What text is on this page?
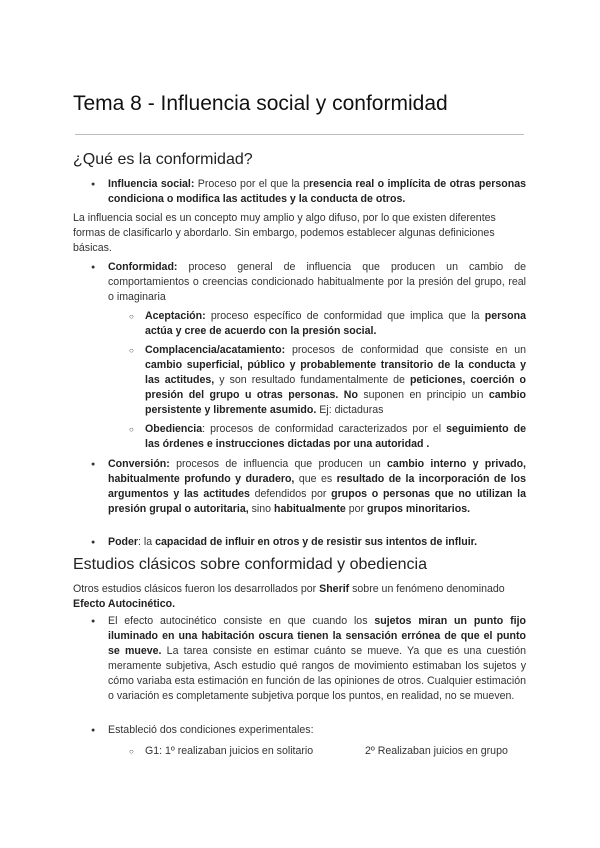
Tema 8 - Influencia social y conformidad
¿Qué es la conformidad?
● Influencia social: Proceso por el que la presencia real o implícita de otras personas condiciona o modifica las actitudes y la conducta de otros.
La influencia social es un concepto muy amplio y algo difuso, por lo que existen diferentes formas de clasificarlo y abordarlo. Sin embargo, podemos establecer algunas definiciones básicas.
● Conformidad: proceso general de influencia que producen un cambio de comportamientos o creencias condicionado habitualmente por la presión del grupo, real o imaginaria
○ Aceptación: proceso específico de conformidad que implica que la persona actúa y cree de acuerdo con la presión social.
○ Complacencia/acatamiento: procesos de conformidad que consiste en un cambio superficial, público y probablemente transitorio de la conducta y las actitudes, y son resultado fundamentalmente de peticiones, coerción o presión del grupo u otras personas. No suponen en principio un cambio persistente y libremente asumido. Ej: dictaduras
○ Obediencia: procesos de conformidad caracterizados por el seguimiento de las órdenes e instrucciones dictadas por una autoridad .
● Conversión: procesos de influencia que producen un cambio interno y privado, habitualmente profundo y duradero, que es resultado de la incorporación de los argumentos y las actitudes defendidos por grupos o personas que no utilizan la presión grupal o autoritaria, sino habitualmente por grupos minoritarios.
● Poder: la capacidad de influir en otros y de resistir sus intentos de influir.
Estudios clásicos sobre conformidad y obediencia
Otros estudios clásicos fueron los desarrollados por Sherif sobre un fenómeno denominado Efecto Autocinético.
● El efecto autocinético consiste en que cuando los sujetos miran un punto fijo iluminado en una habitación oscura tienen la sensación errónea de que el punto se mueve. La tarea consiste en estimar cuánto se mueve. Ya que es una cuestión meramente subjetiva, Asch estudio qué rangos de movimiento estimaban los sujetos y cómo variaba esta estimación en función de las opiniones de otros. Cualquier estimación o variación es completamente subjetiva porque los puntos, en realidad, no se mueven.
● Estableció dos condiciones experimentales:
○ G1: 1º realizaban juicios en solitario	2º Realizaban juicios en grupo
